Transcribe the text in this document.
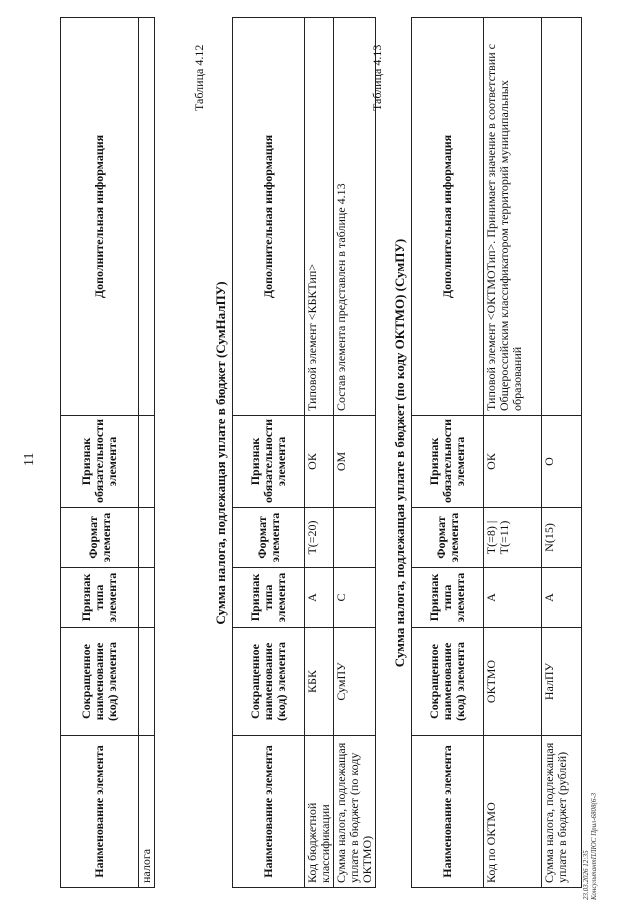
11
Наименование элемента	Сокращенное наименование (код) элемента	Признак типа элемента	Формат элемента	Признак обязательности элемента	Дополнительная информация
налога					
Таблица 4.12
Сумма налога, подлежащая уплате в бюджет (СумНалПУ)
Наименование элемента	Сокращенное наименование (код) элемента	Признак типа элемента	Формат элемента	Признак обязательности элемента	Дополнительная информация
Код бюджетной классификации	КБК	А	T(=20)	ОК	Типовой элемент <КБКТип>
Сумма налога, подлежащая уплате в бюджет (по коду ОКТМО)	СумПУ	С		ОМ	Состав элемента представлен в таблице 4.13
Таблица 4.13
Сумма налога, подлежащая уплате в бюджет (по коду ОКТМО) (СумПУ)
Наименование элемента	Сокращенное наименование (код) элемента	Признак типа элемента	Формат элемента	Признак обязательности элемента	Дополнительная информация
Код по ОКТМО	ОКТМО	А	T(=8) | T(=11)	ОК	Типовой элемент <ОКТМОТип>. Принимает значение в соответствии с Общероссийским классификатором территорий муниципальных образований
Сумма налога, подлежащая уплате в бюджет (рублей)	НалПУ	А	N(15)	О	
23.03.2026 12:35 КонсультантПЛЮС Прил-6808(6-3
